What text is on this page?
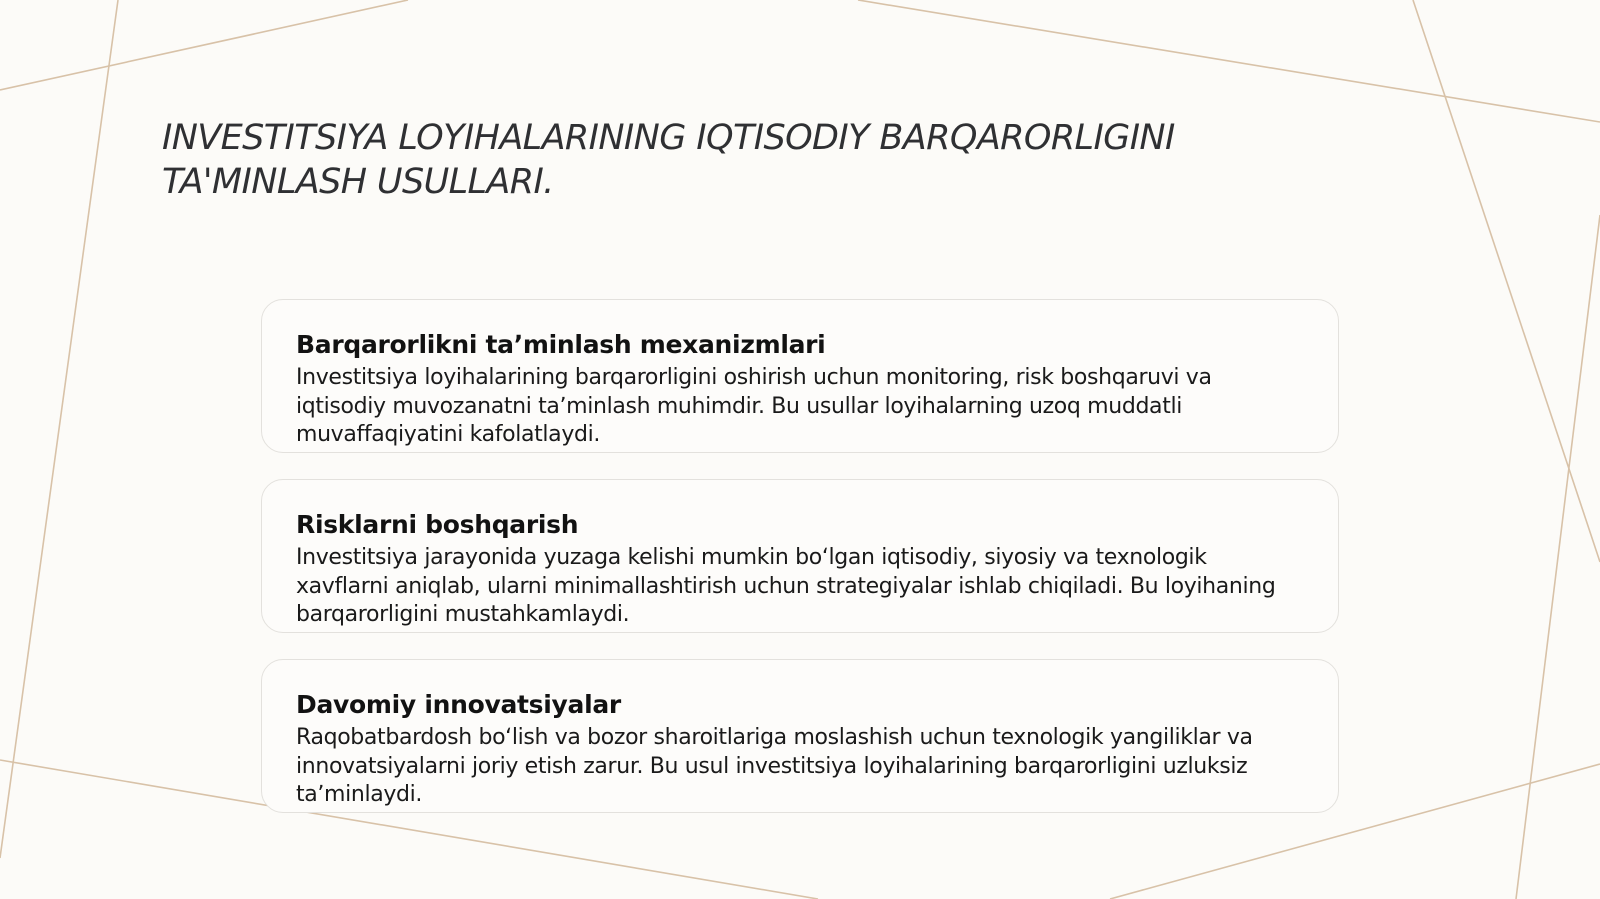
INVESTITSIYA LOYIHALARINING IQTISODIY BARQARORLIGINI TA'MINLASH USULLARI.
Barqarorlikni taʼminlash mexanizmlari

Investitsiya loyihalarining barqarorligini oshirish uchun monitoring, risk boshqaruvi va iqtisodiy muvozanatni taʼminlash muhimdir. Bu usullar loyihalarning uzoq muddatli muvaffaqiyatini kafolatlaydi.

Risklarni boshqarish

Investitsiya jarayonida yuzaga kelishi mumkin boʻlgan iqtisodiy, siyosiy va texnologik xavflarni aniqlab, ularni minimallashtirish uchun strategiyalar ishlab chiqiladi. Bu loyihaning barqarorligini mustahkamlaydi.

Davomiy innovatsiyalar

Raqobatbardosh boʻlish va bozor sharoitlariga moslashish uchun texnologik yangiliklar va innovatsiyalarni joriy etish zarur. Bu usul investitsiya loyihalarining barqarorligini uzluksiz taʼminlaydi.
